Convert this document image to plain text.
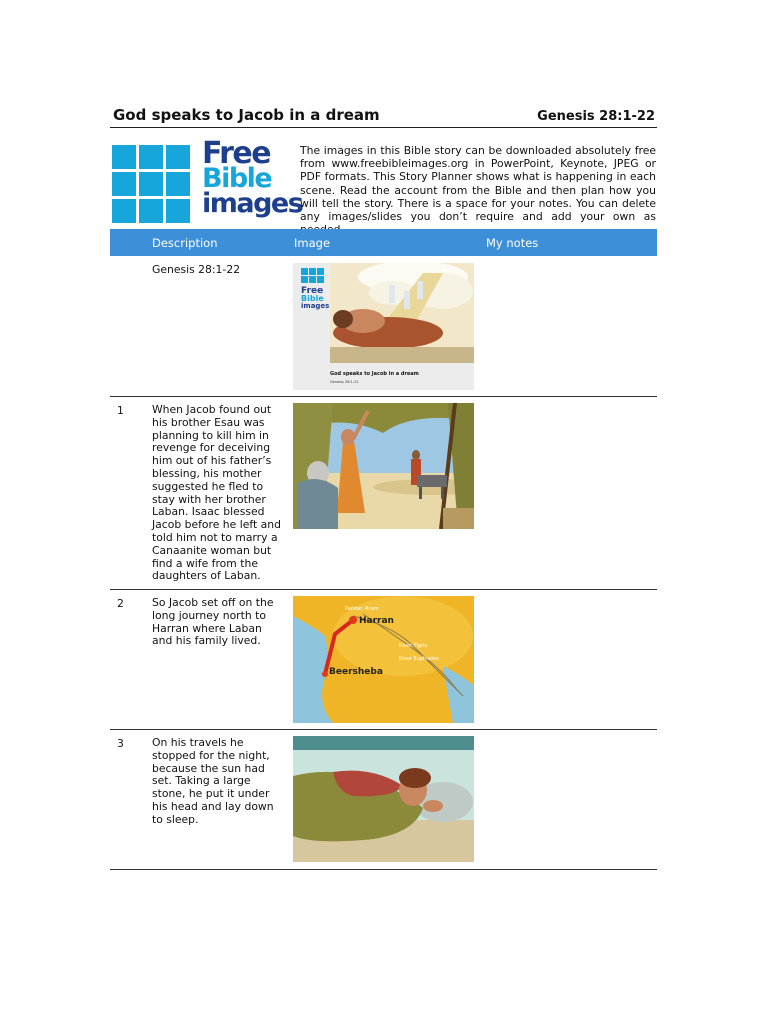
God speaks to Jacob in a dream	Genesis 28:1-22
Free
Bible
images
The images in this Bible story can be downloaded absolutely free from www.freebibleimages.org in PowerPoint, Keynote, JPEG or PDF formats. This Story Planner shows what is happening in each scene. Read the account from the Bible and then plan how you will tell the story. There is a space for your notes. You can delete any images/slides you don’t require and add your own as
Description	Image	My notes
Genesis 28:1-22
Free
Bible
images
God speaks to Jacob in a dream
Genesis 28:1-22
1	When Jacob found out his brother Esau was planning to kill him in revenge for deceiving him out of his father’s blessing, his mother suggested he fled to stay with her brother Laban. Isaac blessed Jacob before he left and told him not to marry a Canaanite woman but find a wife from the daughters of Laban.
2	So Jacob set off on the long journey north to Harran where Laban and his family lived.
Paddan Aram
Harran
River Tigris
River Euphrates
Beersheba
3	On his travels he stopped for the night, because the sun had set. Taking a large stone, he put it under his head and lay down to sleep.
